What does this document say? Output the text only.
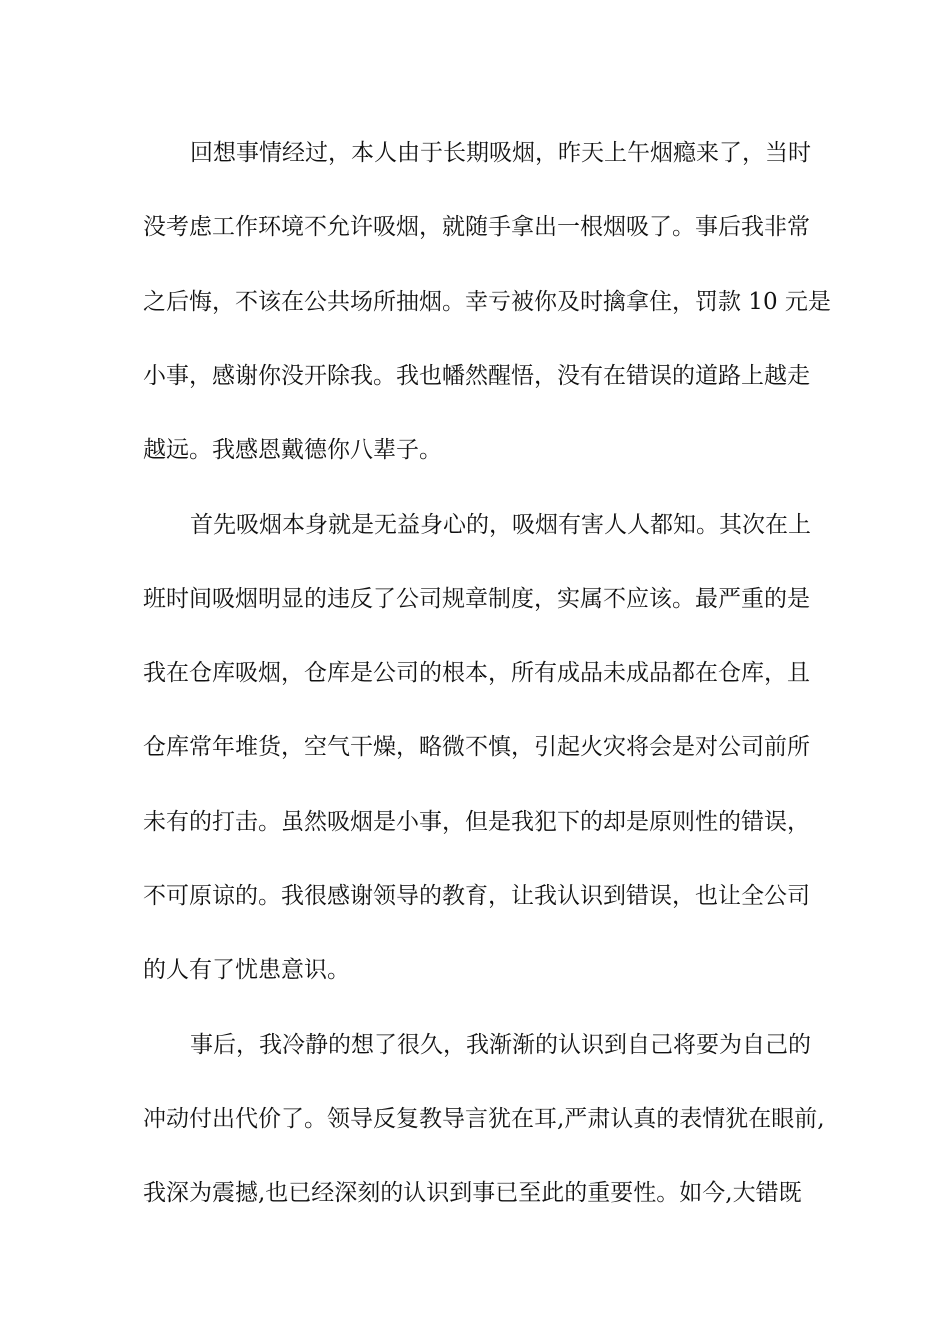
回想事情经过，本人由于长期吸烟，昨天上午烟瘾来了，当时
没考虑工作环境不允许吸烟，就随手拿出一根烟吸了。事后我非常
之后悔，不该在公共场所抽烟。幸亏被你及时擒拿住，罚款 10 元是
小事，感谢你没开除我。我也幡然醒悟，没有在错误的道路上越走
越远。我感恩戴德你八辈子。
首先吸烟本身就是无益身心的，吸烟有害人人都知。其次在上
班时间吸烟明显的违反了公司规章制度，实属不应该。最严重的是
我在仓库吸烟，仓库是公司的根本，所有成品未成品都在仓库，且
仓库常年堆货，空气干燥，略微不慎，引起火灾将会是对公司前所
未有的打击。虽然吸烟是小事，但是我犯下的却是原则性的错误，
不可原谅的。我很感谢领导的教育，让我认识到错误，也让全公司
的人有了忧患意识。
事后，我冷静的想了很久，我渐渐的认识到自己将要为自己的
冲动付出代价了。领导反复教导言犹在耳,严肃认真的表情犹在眼前,
我深为震撼,也已经深刻的认识到事已至此的重要性。如今,大错既
